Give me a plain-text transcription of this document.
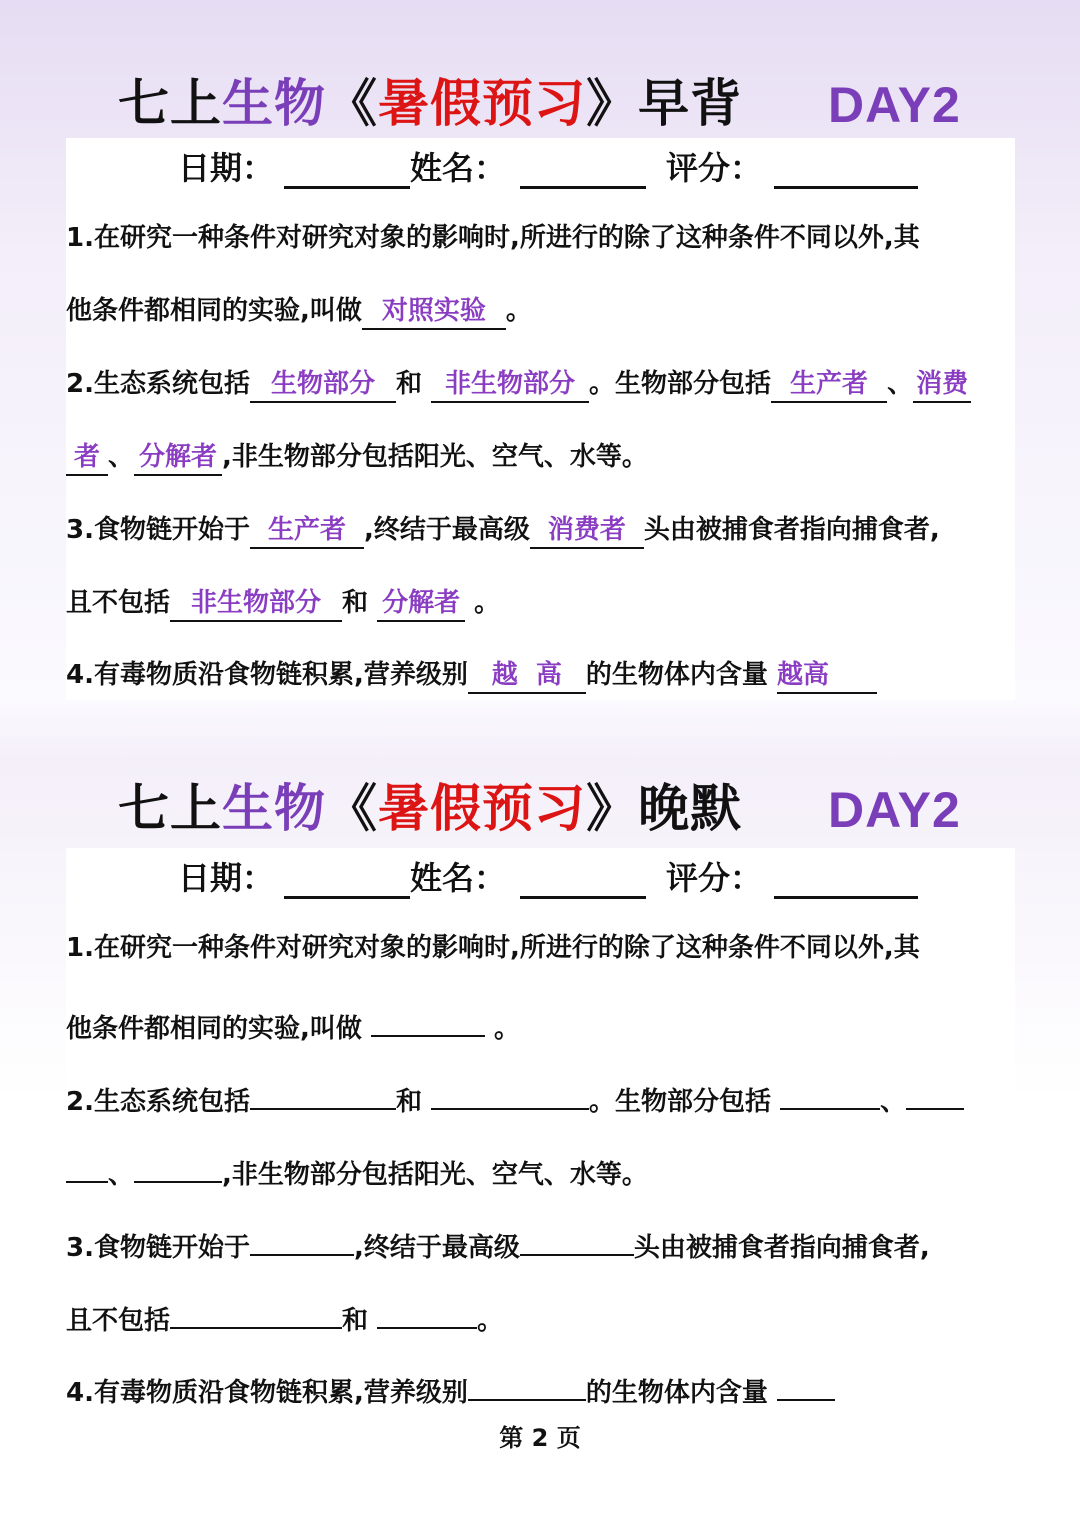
七上生物《暑假预习》早背 DAY2
日期：	姓名：	评分：
1.在研究一种条件对研究对象的影响时,所进行的除了这种条件不同以外,其
他条件都相同的实验,叫做 对照实验 。
2.生态系统包括 生物部分 和 非生物部分 。生物部分包括 生产者 、 消费
者 、 分解者 ,非生物部分包括阳光、空气、水等。
3.食物链开始于 生产者 ,终结于最高级 消费者 头由被捕食者指向捕食者,
且不包括 非生物部分 和 分解者 。
4.有毒物质沿食物链积累,营养级别 越  高 的生物体内含量 越高
七上生物《暑假预习》晚默 DAY2
日期：	姓名：	评分：
1.在研究一种条件对研究对象的影响时,所进行的除了这种条件不同以外,其
他条件都相同的实验,叫做	。
2.生态系统包括	和	。生物部分包括	、
、	,非生物部分包括阳光、空气、水等。
3.食物链开始于	,终结于最高级	头由被捕食者指向捕食者,
且不包括	和	。
4.有毒物质沿食物链积累,营养级别	的生物体内含量
第 2 页
